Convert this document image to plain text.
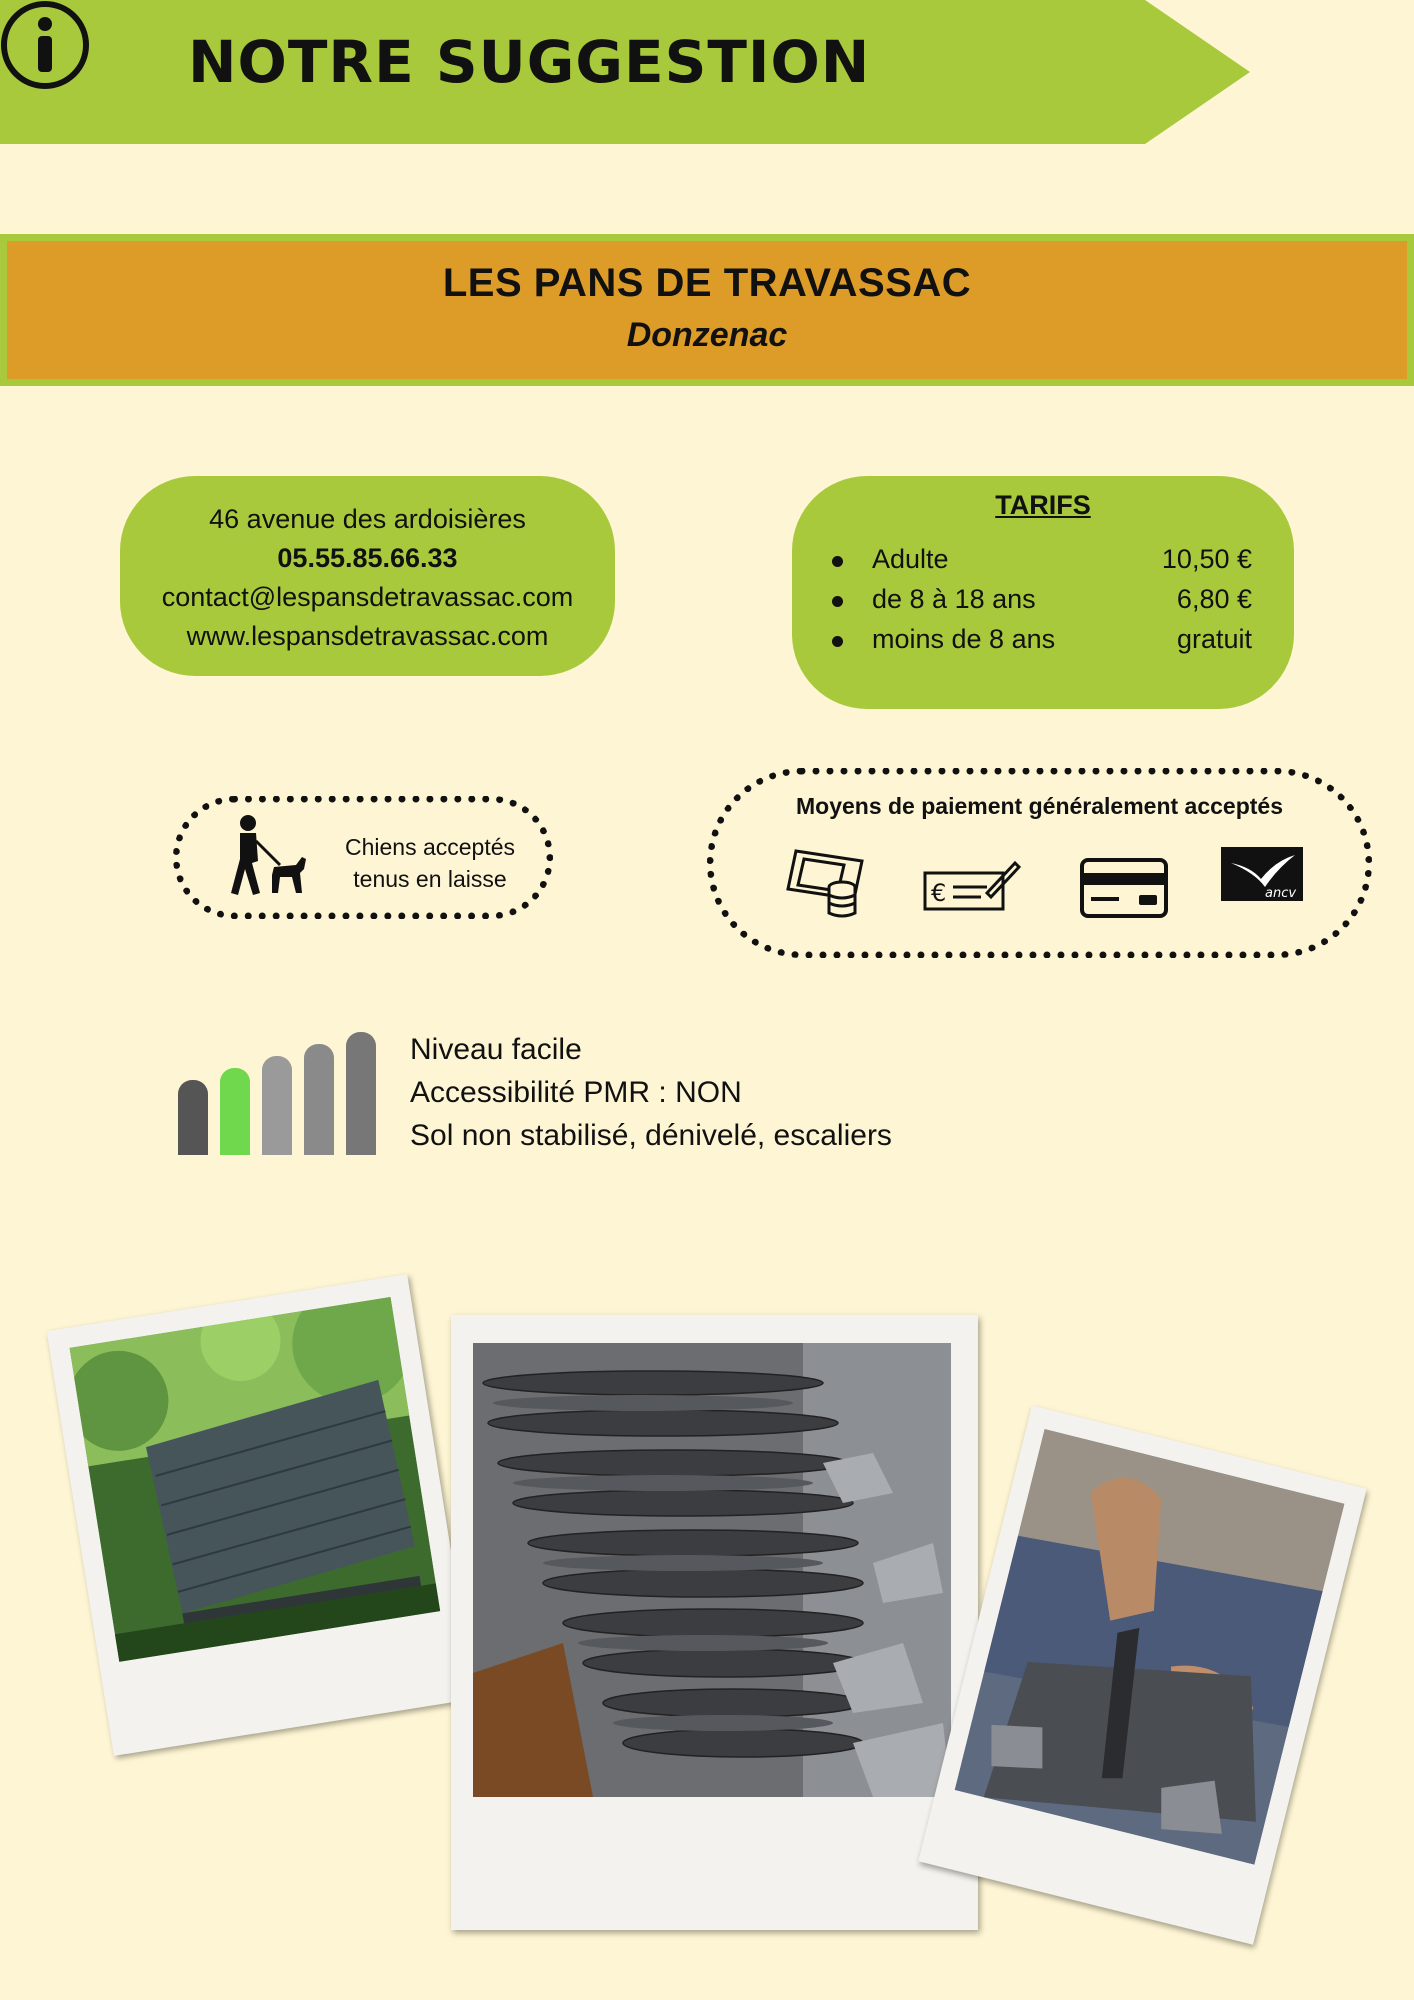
NOTRE SUGGESTION
LES PANS DE TRAVASSAC
Donzenac
46 avenue des ardoisières
05.55.85.66.33
contact@lespansdetravassac.com
www.lespansdetravassac.com
TARIFS
Adulte	10,50 €
de 8 à 18 ans	6,80 €
moins de 8 ans	gratuit
Chiens acceptés
tenus en laisse
Moyens de paiement généralement acceptés
€	ancv
Niveau facile
Accessibilité PMR : NON
Sol non stabilisé, dénivelé, escaliers
